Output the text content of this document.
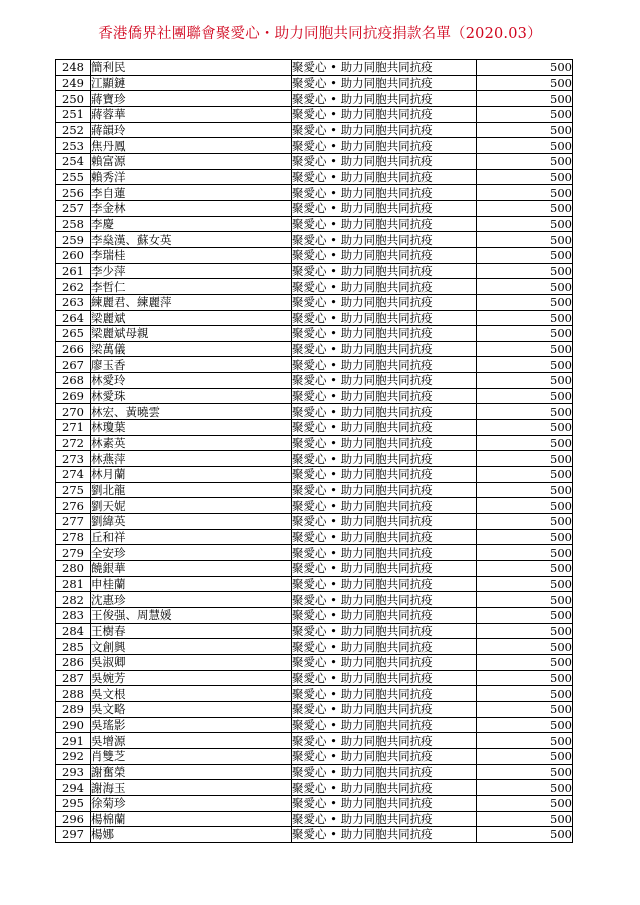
香港僑界社團聯會聚愛心・助力同胞共同抗疫捐款名單（2020.03）
248	簡利民	聚愛心 • 助力同胞共同抗疫	500
249	江顯鏈	聚愛心 • 助力同胞共同抗疫	500
250	蔣寶珍	聚愛心 • 助力同胞共同抗疫	500
251	蔣蓉華	聚愛心 • 助力同胞共同抗疫	500
252	蔣韻玲	聚愛心 • 助力同胞共同抗疫	500
253	焦丹鳳	聚愛心 • 助力同胞共同抗疫	500
254	賴富源	聚愛心 • 助力同胞共同抗疫	500
255	賴秀洋	聚愛心 • 助力同胞共同抗疫	500
256	李自蓮	聚愛心 • 助力同胞共同抗疫	500
257	李金林	聚愛心 • 助力同胞共同抗疫	500
258	李慶	聚愛心 • 助力同胞共同抗疫	500
259	李燊漢、蘇女英	聚愛心 • 助力同胞共同抗疫	500
260	李瑞桂	聚愛心 • 助力同胞共同抗疫	500
261	李少萍	聚愛心 • 助力同胞共同抗疫	500
262	李哲仁	聚愛心 • 助力同胞共同抗疫	500
263	練麗君、練麗萍	聚愛心 • 助力同胞共同抗疫	500
264	梁麗斌	聚愛心 • 助力同胞共同抗疫	500
265	梁麗斌母親	聚愛心 • 助力同胞共同抗疫	500
266	梁萬儀	聚愛心 • 助力同胞共同抗疫	500
267	廖玉香	聚愛心 • 助力同胞共同抗疫	500
268	林愛玲	聚愛心 • 助力同胞共同抗疫	500
269	林愛珠	聚愛心 • 助力同胞共同抗疫	500
270	林宏、黃曉雲	聚愛心 • 助力同胞共同抗疫	500
271	林瓊葉	聚愛心 • 助力同胞共同抗疫	500
272	林素英	聚愛心 • 助力同胞共同抗疫	500
273	林燕萍	聚愛心 • 助力同胞共同抗疫	500
274	林月蘭	聚愛心 • 助力同胞共同抗疫	500
275	劉北龍	聚愛心 • 助力同胞共同抗疫	500
276	劉天妮	聚愛心 • 助力同胞共同抗疫	500
277	劉緯英	聚愛心 • 助力同胞共同抗疫	500
278	丘和祥	聚愛心 • 助力同胞共同抗疫	500
279	全安珍	聚愛心 • 助力同胞共同抗疫	500
280	饒銀華	聚愛心 • 助力同胞共同抗疫	500
281	申桂蘭	聚愛心 • 助力同胞共同抗疫	500
282	沈惠珍	聚愛心 • 助力同胞共同抗疫	500
283	王俊强、周慧媛	聚愛心 • 助力同胞共同抗疫	500
284	王樹春	聚愛心 • 助力同胞共同抗疫	500
285	文創興	聚愛心 • 助力同胞共同抗疫	500
286	吳淑卿	聚愛心 • 助力同胞共同抗疫	500
287	吳婉芳	聚愛心 • 助力同胞共同抗疫	500
288	吳文根	聚愛心 • 助力同胞共同抗疫	500
289	吳文略	聚愛心 • 助力同胞共同抗疫	500
290	吳瑤影	聚愛心 • 助力同胞共同抗疫	500
291	吳增源	聚愛心 • 助力同胞共同抗疫	500
292	肖雙芝	聚愛心 • 助力同胞共同抗疫	500
293	謝奮榮	聚愛心 • 助力同胞共同抗疫	500
294	謝海玉	聚愛心 • 助力同胞共同抗疫	500
295	徐菊珍	聚愛心 • 助力同胞共同抗疫	500
296	楊棉蘭	聚愛心 • 助力同胞共同抗疫	500
297	楊娜	聚愛心 • 助力同胞共同抗疫	500
